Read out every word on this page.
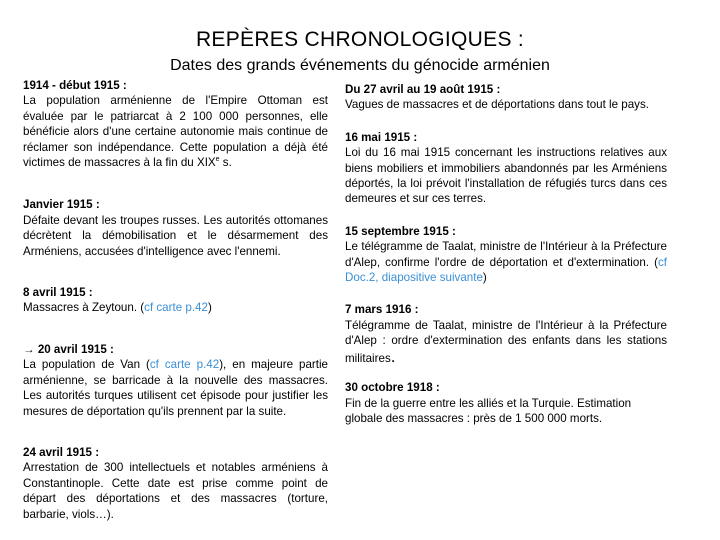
REPÈRES CHRONOLOGIQUES :
Dates des grands événements du génocide arménien

1914 - début 1915 :
La population arménienne de l'Empire Ottoman est évaluée par le patriarcat à 2 100 000 personnes, elle bénéficie alors d'une certaine autonomie mais continue de réclamer son indépendance. Cette population a déjà été victimes de massacres à la fin du XIXe s.

Janvier 1915 :
Défaite devant les troupes russes. Les autorités ottomanes décrètent la démobilisation et le désarmement des Arméniens, accusées d'intelligence avec l'ennemi.

8 avril 1915 :
Massacres à Zeytoun. (cf carte p.42)

→ 20 avril 1915 :
La population de Van (cf carte p.42), en majeure partie arménienne, se barricade à la nouvelle des massacres. Les autorités turques utilisent cet épisode pour justifier les mesures de déportation qu'ils prennent par la suite.

24 avril 1915 :
Arrestation de 300 intellectuels et notables arméniens à Constantinople. Cette date est prise comme point de départ des déportations et des massacres (torture, barbarie, viols…).

Du 27 avril au 19 août 1915 :
Vagues de massacres et de déportations dans tout le pays.

16 mai 1915 :
Loi du 16 mai 1915 concernant les instructions relatives aux biens mobiliers et immobiliers abandonnés par les Arméniens déportés, la loi prévoit l'installation de réfugiés turcs dans ces demeures et sur ces terres.

15 septembre 1915 :
Le télégramme de Taalat, ministre de l'Intérieur à la Préfecture d'Alep, confirme l'ordre de déportation et d'extermination. (cf Doc.2, diapositive suivante)

7 mars 1916 :
Télégramme de Taalat, ministre de l'Intérieur à la Préfecture d'Alep : ordre d'extermination des enfants dans les stations militaires.

30 octobre 1918 :
Fin de la guerre entre les alliés et la Turquie. Estimation globale des massacres : près de 1 500 000 morts.
